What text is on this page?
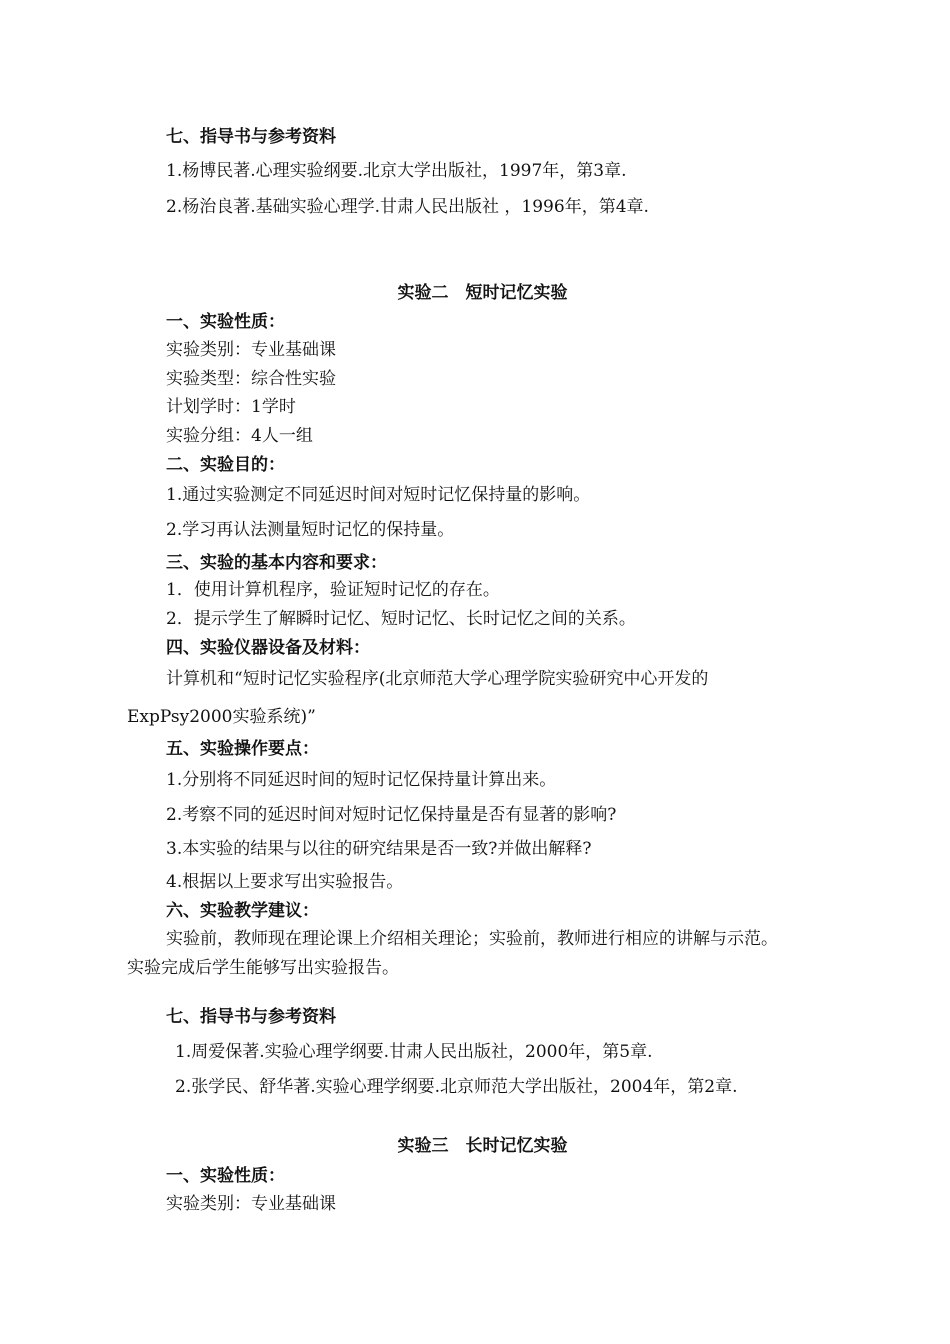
七、指导书与参考资料
1.杨博民著.心理实验纲要.北京大学出版社，1997年，第3章.
2.杨治良著.基础实验心理学.甘肃人民出版社 ，1996年，第4章.
实验二　短时记忆实验
一、实验性质：
实验类别：专业基础课
实验类型：综合性实验
计划学时：1学时
实验分组：4人一组
二、实验目的：
1.通过实验测定不同延迟时间对短时记忆保持量的影响。
2.学习再认法测量短时记忆的保持量。
三、实验的基本内容和要求：
1．使用计算机程序，验证短时记忆的存在。
2．提示学生了解瞬时记忆、短时记忆、长时记忆之间的关系。
四、实验仪器设备及材料：
计算机和“短时记忆实验程序(北京师范大学心理学院实验研究中心开发的
ExpPsy2000实验系统)”
五、实验操作要点：
1.分别将不同延迟时间的短时记忆保持量计算出来。
2.考察不同的延迟时间对短时记忆保持量是否有显著的影响?
3.本实验的结果与以往的研究结果是否一致?并做出解释?
4.根据以上要求写出实验报告。
六、实验教学建议：
实验前，教师现在理论课上介绍相关理论；实验前，教师进行相应的讲解与示范。
实验完成后学生能够写出实验报告。
七、指导书与参考资料
1.周爱保著.实验心理学纲要.甘肃人民出版社，2000年，第5章.
2.张学民、舒华著.实验心理学纲要.北京师范大学出版社，2004年，第2章.
实验三　长时记忆实验
一、实验性质：
实验类别：专业基础课
